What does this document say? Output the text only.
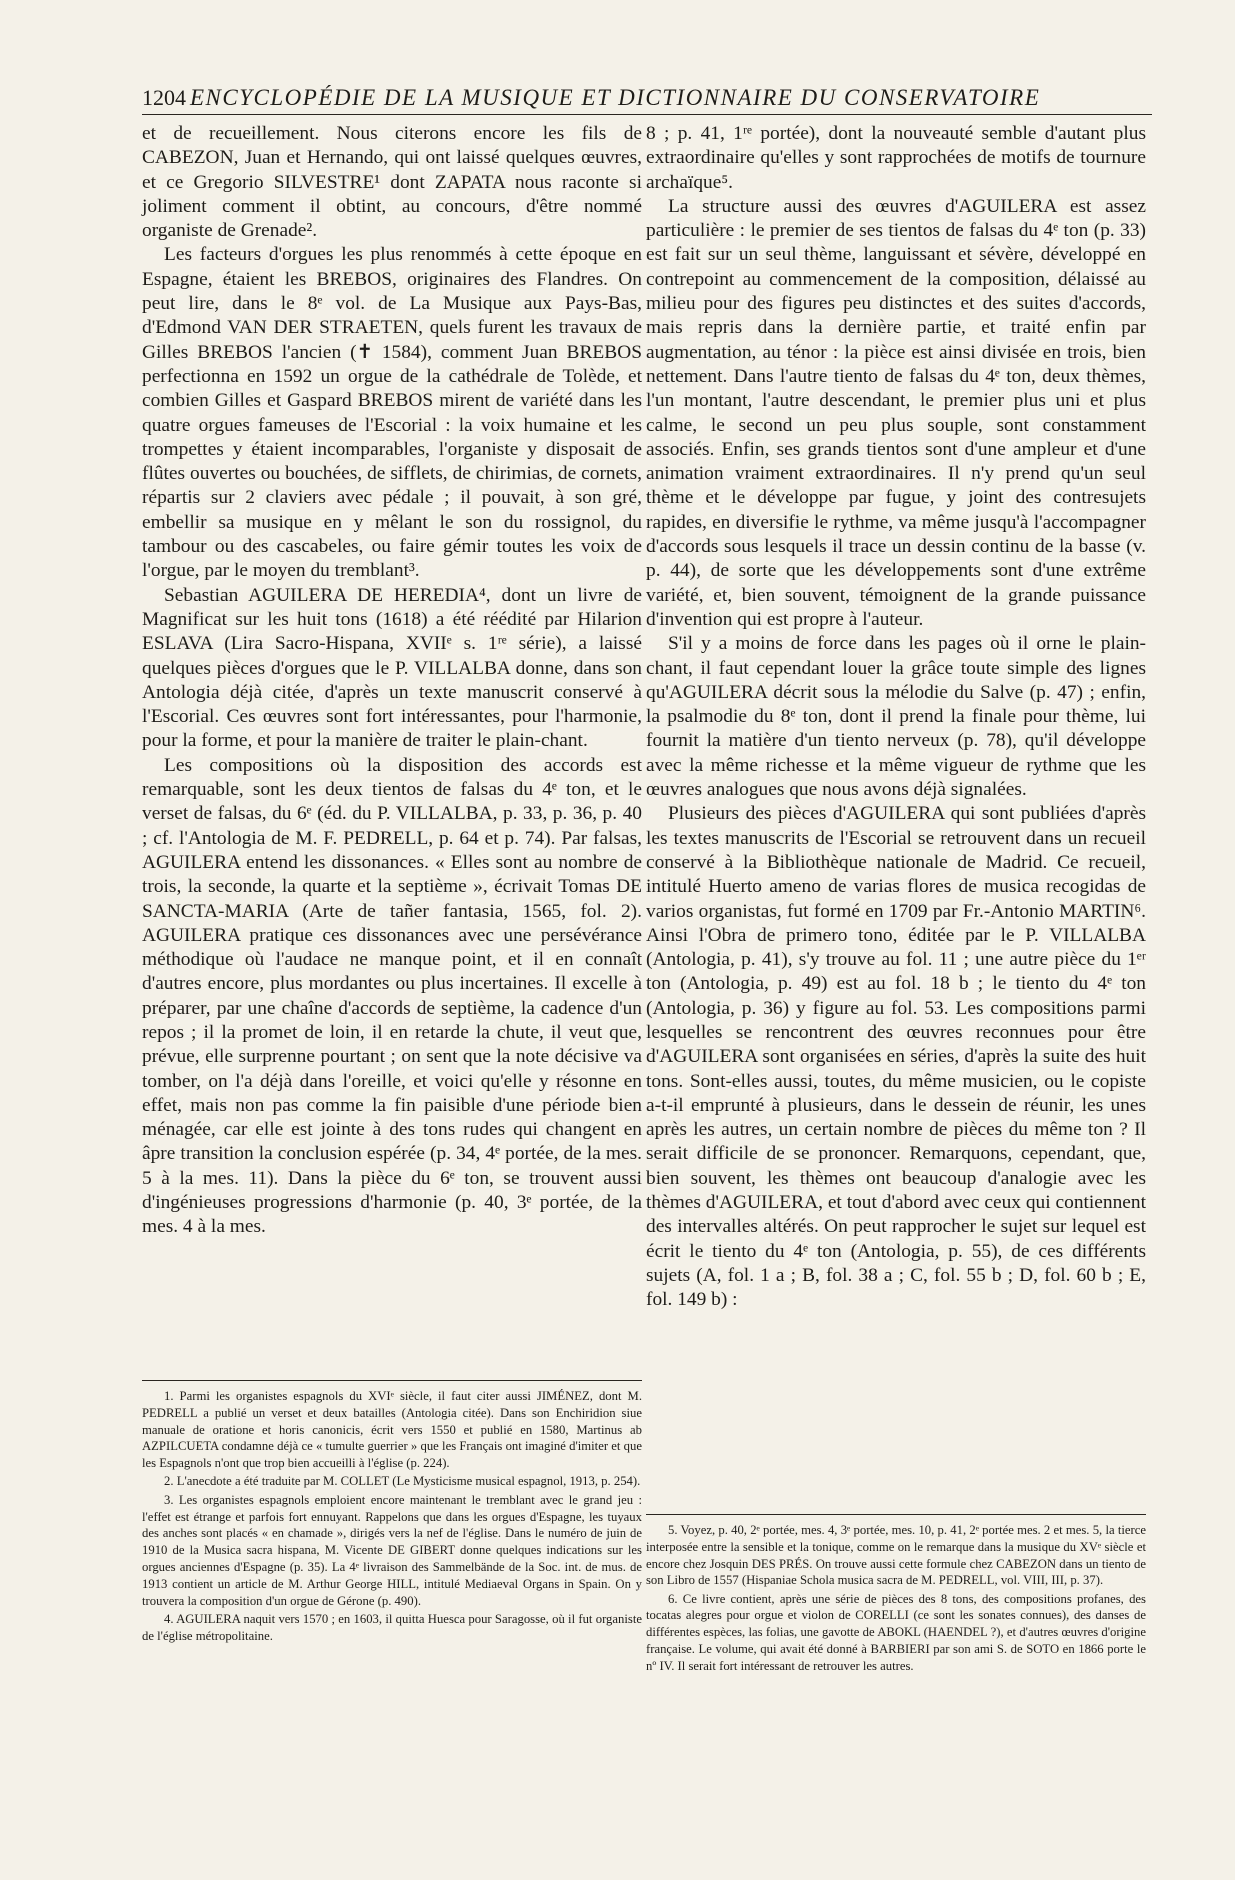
1204 ENCYCLOPÉDIE DE LA MUSIQUE ET DICTIONNAIRE DU CONSERVATOIRE

et de recueillement. Nous citerons encore les fils de CABEZON, Juan et Hernando, qui ont laissé quelques œuvres, et ce Gregorio SILVESTRE¹ dont ZAPATA nous raconte si joliment comment il obtint, au concours, d'être nommé organiste de Grenade².

Les facteurs d'orgues les plus renommés à cette époque en Espagne, étaient les BREBOS, originaires des Flandres. On peut lire, dans le 8ᵉ vol. de La Musique aux Pays-Bas, d'Edmond VAN DER STRAETEN, quels furent les travaux de Gilles BREBOS l'ancien (✝ 1584), comment Juan BREBOS perfectionna en 1592 un orgue de la cathédrale de Tolède, et combien Gilles et Gaspard BREBOS mirent de variété dans les quatre orgues fameuses de l'Escorial : la voix humaine et les trompettes y étaient incomparables, l'organiste y disposait de flûtes ouvertes ou bouchées, de sifflets, de chirimias, de cornets, répartis sur 2 claviers avec pédale ; il pouvait, à son gré, embellir sa musique en y mêlant le son du rossignol, du tambour ou des cascabeles, ou faire gémir toutes les voix de l'orgue, par le moyen du tremblant³.

Sebastian AGUILERA DE HEREDIA⁴, dont un livre de Magnificat sur les huit tons (1618) a été réédité par Hilarion ESLAVA (Lira Sacro-Hispana, XVIIᵉ s. 1ʳᵉ série), a laissé quelques pièces d'orgues que le P. VILLALBA donne, dans son Antologia déjà citée, d'après un texte manuscrit conservé à l'Escorial. Ces œuvres sont fort intéressantes, pour l'harmonie, pour la forme, et pour la manière de traiter le plain-chant.

Les compositions où la disposition des accords est remarquable, sont les deux tientos de falsas du 4ᵉ ton, et le verset de falsas, du 6ᵉ (éd. du P. VILLALBA, p. 33, p. 36, p. 40 ; cf. l'Antologia de M. F. PEDRELL, p. 64 et p. 74). Par falsas, AGUILERA entend les dissonances. « Elles sont au nombre de trois, la seconde, la quarte et la septième », écrivait Tomas DE SANCTA-MARIA (Arte de tañer fantasia, 1565, fol. 2). AGUILERA pratique ces dissonances avec une persévérance méthodique où l'audace ne manque point, et il en connaît d'autres encore, plus mordantes ou plus incertaines. Il excelle à préparer, par une chaîne d'accords de septième, la cadence d'un repos ; il la promet de loin, il en retarde la chute, il veut que, prévue, elle surprenne pourtant ; on sent que la note décisive va tomber, on l'a déjà dans l'oreille, et voici qu'elle y résonne en effet, mais non pas comme la fin paisible d'une période bien ménagée, car elle est jointe à des tons rudes qui changent en âpre transition la conclusion espérée (p. 34, 4ᵉ portée, de la mes. 5 à la mes. 11). Dans la pièce du 6ᵉ ton, se trouvent aussi d'ingénieuses progressions d'harmonie (p. 40, 3ᵉ portée, de la mes. 4 à la mes.

8 ; p. 41, 1ʳᵉ portée), dont la nouveauté semble d'autant plus extraordinaire qu'elles y sont rapprochées de motifs de tournure archaïque⁵.

La structure aussi des œuvres d'AGUILERA est assez particulière : le premier de ses tientos de falsas du 4ᵉ ton (p. 33) est fait sur un seul thème, languissant et sévère, développé en contrepoint au commencement de la composition, délaissé au milieu pour des figures peu distinctes et des suites d'accords, mais repris dans la dernière partie, et traité enfin par augmentation, au ténor : la pièce est ainsi divisée en trois, bien nettement. Dans l'autre tiento de falsas du 4ᵉ ton, deux thèmes, l'un montant, l'autre descendant, le premier plus uni et plus calme, le second un peu plus souple, sont constamment associés. Enfin, ses grands tientos sont d'une ampleur et d'une animation vraiment extraordinaires. Il n'y prend qu'un seul thème et le développe par fugue, y joint des contresujets rapides, en diversifie le rythme, va même jusqu'à l'accompagner d'accords sous lesquels il trace un dessin continu de la basse (v. p. 44), de sorte que les développements sont d'une extrême variété, et, bien souvent, témoignent de la grande puissance d'invention qui est propre à l'auteur.

S'il y a moins de force dans les pages où il orne le plain-chant, il faut cependant louer la grâce toute simple des lignes qu'AGUILERA décrit sous la mélodie du Salve (p. 47) ; enfin, la psalmodie du 8ᵉ ton, dont il prend la finale pour thème, lui fournit la matière d'un tiento nerveux (p. 78), qu'il développe avec la même richesse et la même vigueur de rythme que les œuvres analogues que nous avons déjà signalées.

Plusieurs des pièces d'AGUILERA qui sont publiées d'après les textes manuscrits de l'Escorial se retrouvent dans un recueil conservé à la Bibliothèque nationale de Madrid. Ce recueil, intitulé Huerto ameno de varias flores de musica recogidas de varios organistas, fut formé en 1709 par Fr.-Antonio MARTIN⁶. Ainsi l'Obra de primero tono, éditée par le P. VILLALBA (Antologia, p. 41), s'y trouve au fol. 11 ; une autre pièce du 1ᵉʳ ton (Antologia, p. 49) est au fol. 18 b ; le tiento du 4ᵉ ton (Antologia, p. 36) y figure au fol. 53. Les compositions parmi lesquelles se rencontrent des œuvres reconnues pour être d'AGUILERA sont organisées en séries, d'après la suite des huit tons. Sont-elles aussi, toutes, du même musicien, ou le copiste a-t-il emprunté à plusieurs, dans le dessein de réunir, les unes après les autres, un certain nombre de pièces du même ton ? Il serait difficile de se prononcer. Remarquons, cependant, que, bien souvent, les thèmes ont beaucoup d'analogie avec les thèmes d'AGUILERA, et tout d'abord avec ceux qui contiennent des intervalles altérés. On peut rapprocher le sujet sur lequel est écrit le tiento du 4ᵉ ton (Antologia, p. 55), de ces différents sujets (A, fol. 1 a ; B, fol. 38 a ; C, fol. 55 b ; D, fol. 60 b ; E, fol. 149 b) :

1. Parmi les organistes espagnols du XVIᵉ siècle, il faut citer aussi JIMÉNEZ, dont M. PEDRELL a publié un verset et deux batailles (Antologia citée). Dans son Enchiridion siue manuale de oratione et horis canonicis, écrit vers 1550 et publié en 1580, Martinus ab AZPILCUETA condamne déjà ce « tumulte guerrier » que les Français ont imaginé d'imiter et que les Espagnols n'ont que trop bien accueilli à l'église (p. 224).

2. L'anecdote a été traduite par M. COLLET (Le Mysticisme musical espagnol, 1913, p. 254).

3. Les organistes espagnols emploient encore maintenant le tremblant avec le grand jeu : l'effet est étrange et parfois fort ennuyant. Rappelons que dans les orgues d'Espagne, les tuyaux des anches sont placés « en chamade », dirigés vers la nef de l'église. Dans le numéro de juin de 1910 de la Musica sacra hispana, M. Vicente DE GIBERT donne quelques indications sur les orgues anciennes d'Espagne (p. 35). La 4ᵉ livraison des Sammelbände de la Soc. int. de mus. de 1913 contient un article de M. Arthur George HILL, intitulé Mediaeval Organs in Spain. On y trouvera la composition d'un orgue de Gérone (p. 490).

4. AGUILERA naquit vers 1570 ; en 1603, il quitta Huesca pour Saragosse, où il fut organiste de l'église métropolitaine.

5. Voyez, p. 40, 2ᵉ portée, mes. 4, 3ᵉ portée, mes. 10, p. 41, 2ᵉ portée mes. 2 et mes. 5, la tierce interposée entre la sensible et la tonique, comme on le remarque dans la musique du XVᵉ siècle et encore chez Josquin DES PRÉS. On trouve aussi cette formule chez CABEZON dans un tiento de son Libro de 1557 (Hispaniae Schola musica sacra de M. PEDRELL, vol. VIII, III, p. 37).

6. Ce livre contient, après une série de pièces des 8 tons, des compositions profanes, des tocatas alegres pour orgue et violon de CORELLI (ce sont les sonates connues), des danses de différentes espèces, las folias, une gavotte de ABOKL (HAENDEL ?), et d'autres œuvres d'origine française. Le volume, qui avait été donné à BARBIERI par son ami S. de SOTO en 1866 porte le nº IV. Il serait fort intéressant de retrouver les autres.
